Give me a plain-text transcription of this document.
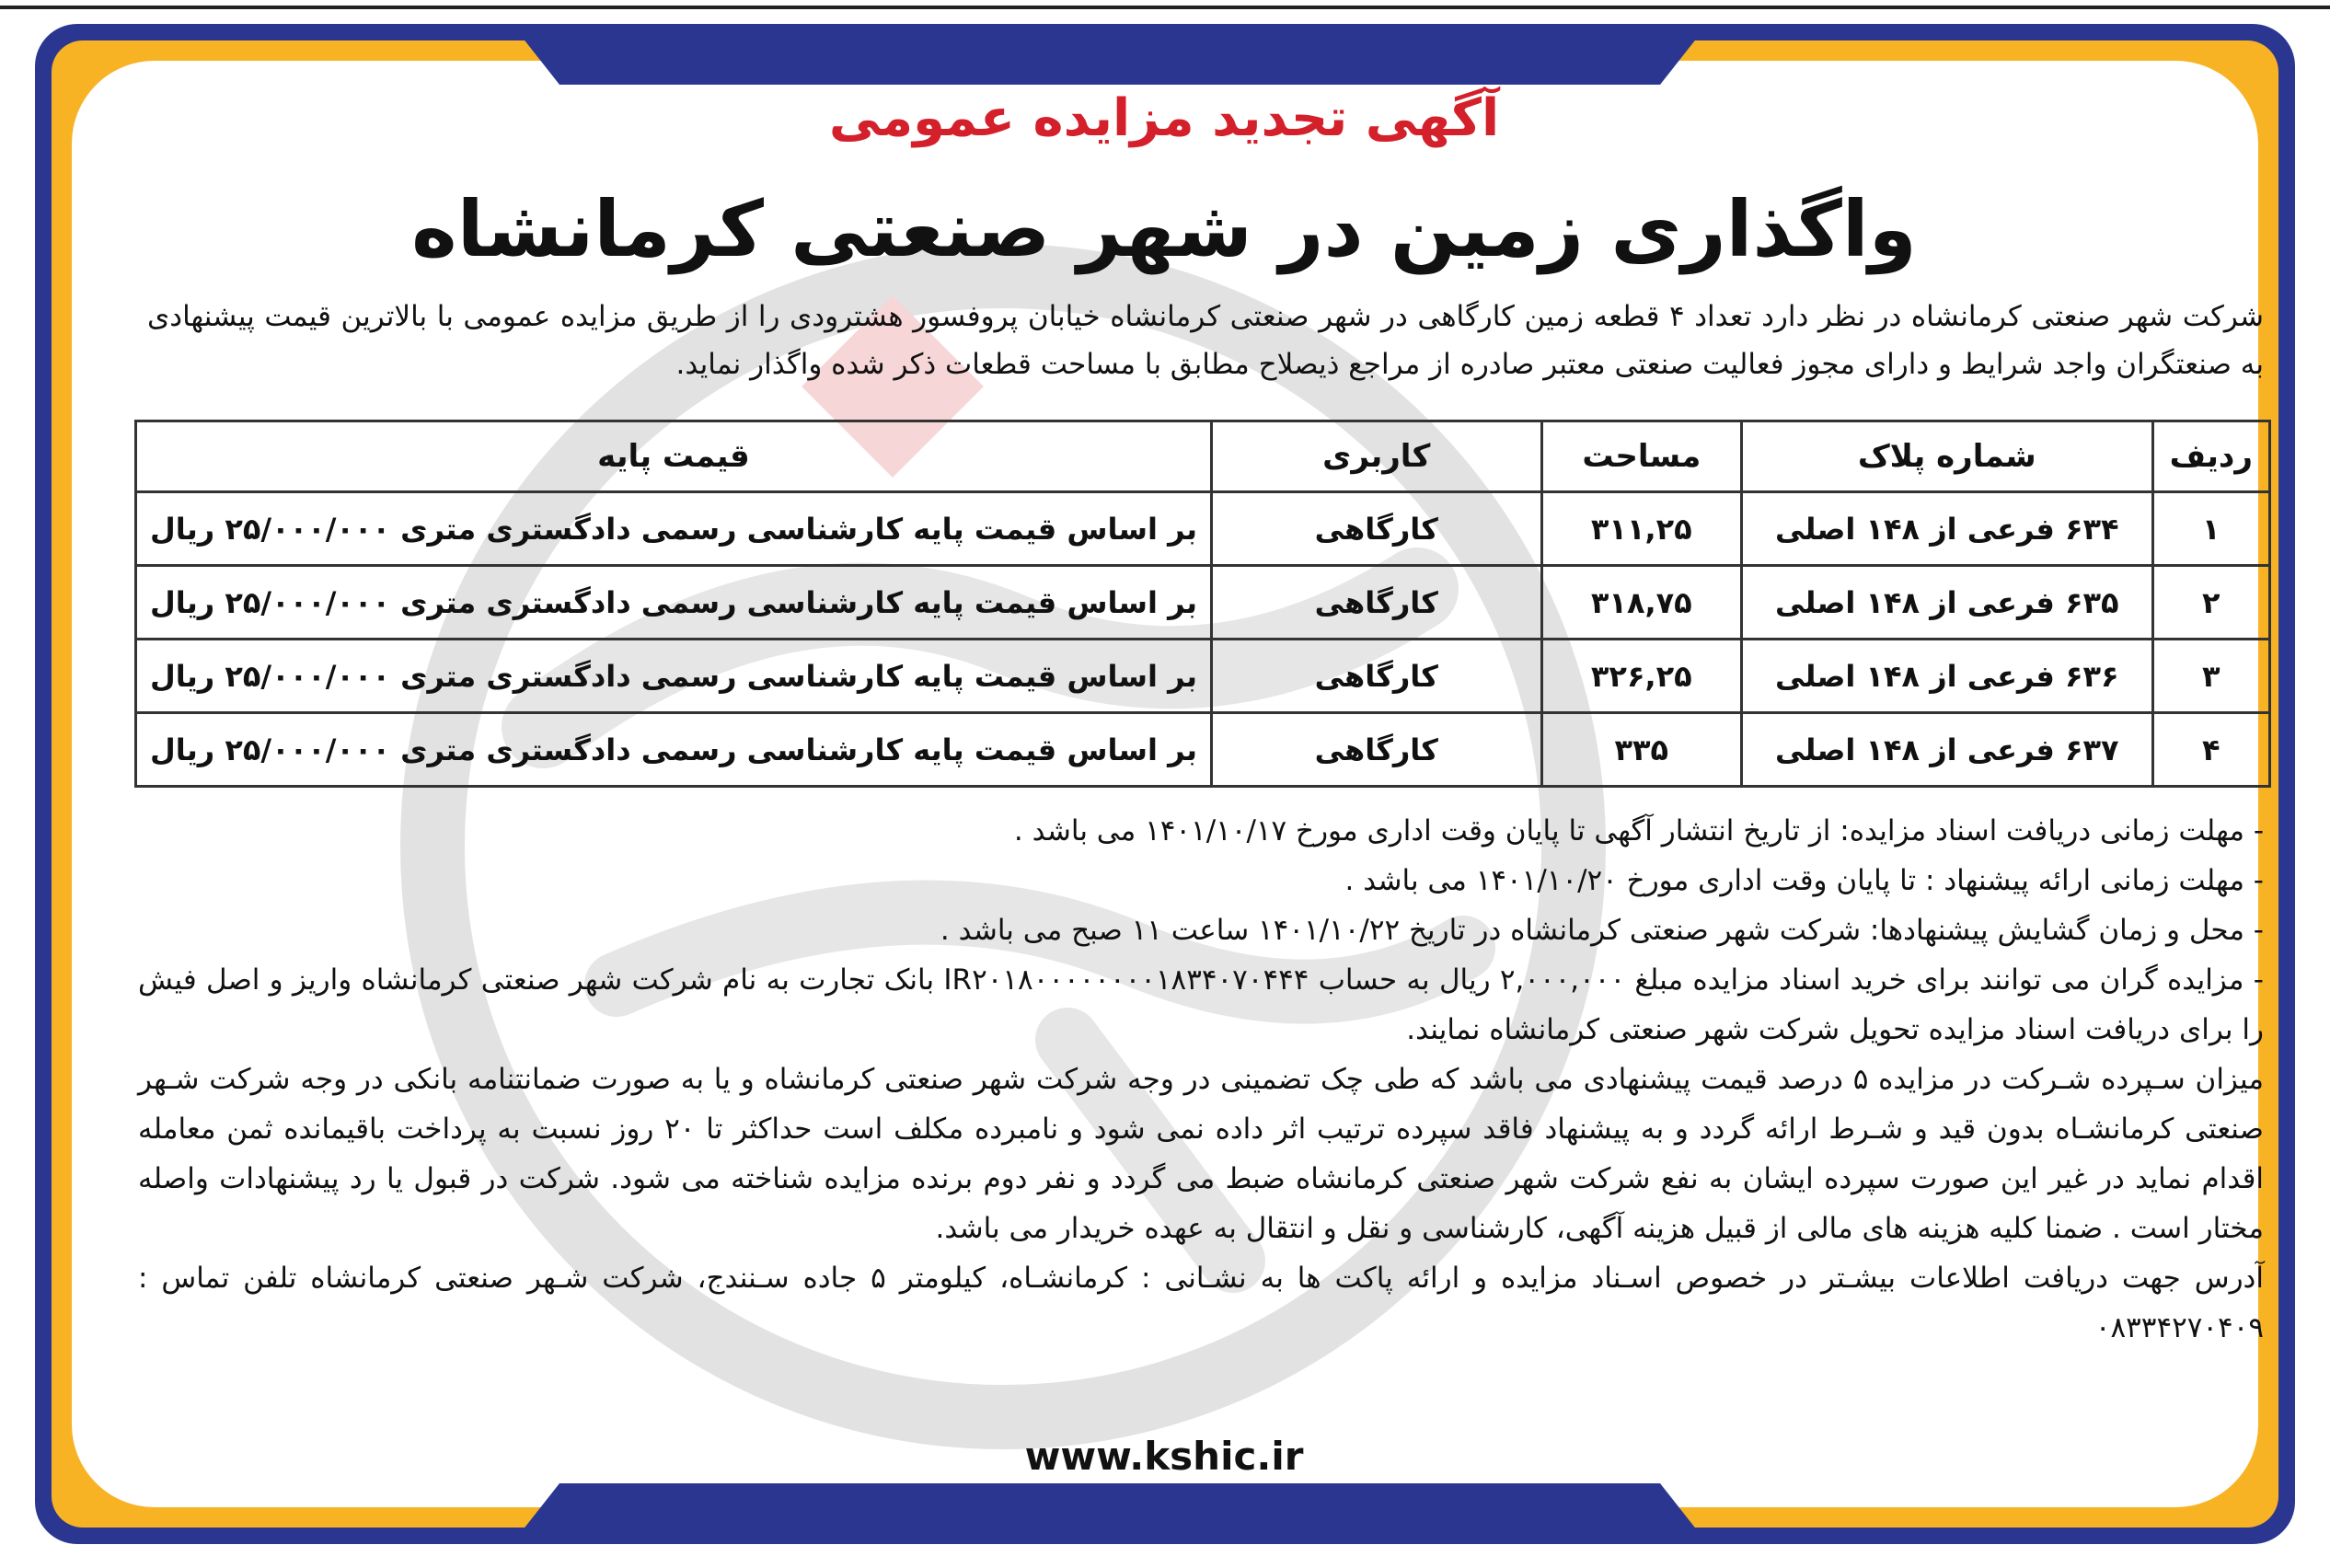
آگهی تجدید مزایده عمومی
واگذاری زمین در شهر صنعتی کرمانشاه
شرکت شهر صنعتی کرمانشاه در نظر دارد تعداد ۴ قطعه زمین کارگاهی در شهر صنعتی کرمانشاه خیابان پروفسور هشترودی را از طریق مزایده عمومی با بالاترین قیمت پیشنهادی به صنعتگران واجد شرایط و دارای مجوز فعالیت صنعتی معتبر صادره از مراجع ذیصلاح مطابق با مساحت قطعات ذکر شده واگذار نماید.
ردیف	شماره پلاک	مساحت	کاربری	قیمت پایه
۱	۶۳۴ فرعی از ۱۴۸ اصلی	۳۱۱,۲۵	کارگاهی	بر اساس قیمت پایه کارشناسی رسمی دادگستری متری ۲۵/۰۰۰/۰۰۰ ریال
۲	۶۳۵ فرعی از ۱۴۸ اصلی	۳۱۸,۷۵	کارگاهی	بر اساس قیمت پایه کارشناسی رسمی دادگستری متری ۲۵/۰۰۰/۰۰۰ ریال
۳	۶۳۶ فرعی از ۱۴۸ اصلی	۳۲۶,۲۵	کارگاهی	بر اساس قیمت پایه کارشناسی رسمی دادگستری متری ۲۵/۰۰۰/۰۰۰ ریال
۴	۶۳۷ فرعی از ۱۴۸ اصلی	۳۳۵	کارگاهی	بر اساس قیمت پایه کارشناسی رسمی دادگستری متری ۲۵/۰۰۰/۰۰۰ ریال

- مهلت زمانی دریافت اسناد مزایده: از تاریخ انتشار آگهی تا پایان وقت اداری مورخ ۱۴۰۱/۱۰/۱۷ می باشد .

- مهلت زمانی ارائه پیشنهاد : تا پایان وقت اداری مورخ ۱۴۰۱/۱۰/۲۰ می باشد .

- محل و زمان گشایش پیشنهادها: شرکت شهر صنعتی کرمانشاه در تاریخ ۱۴۰۱/۱۰/۲۲ ساعت ۱۱ صبح می باشد .

- مزایده گران می توانند برای خرید اسناد مزایده مبلغ ۲,۰۰۰,۰۰۰ ریال به حساب IR۲۰۱۸۰۰۰۰۰۰۰۰۱۸۳۴۰۷۰۴۴۴ بانک تجارت به نام شرکت شهر صنعتی کرمانشاه واریز و اصل فیش را برای دریافت اسناد مزایده تحویل شرکت شهر صنعتی کرمانشاه نمایند.

میزان سـپرده شـرکت در مزایده ۵ درصد قیمت پیشنهادی می باشد که طی چک تضمینی در وجه شرکت شهر صنعتی کرمانشاه و یا به صورت ضمانتنامه بانکی در وجه شرکت شـهر صنعتی کرمانشـاه بدون قید و شـرط ارائه گردد و به پیشنهاد فاقد سپرده ترتیب اثر داده نمی شود و نامبرده مکلف است حداکثر تا ۲۰ روز نسبت به پرداخت باقیمانده ثمن معامله اقدام نماید در غیر این صورت سپرده ایشان به نفع شرکت شهر صنعتی کرمانشاه ضبط می گردد و نفر دوم برنده مزایده شناخته می شود. شرکت در قبول یا رد پیشنهادات واصله مختار است . ضمنا کلیه هزینه های مالی از قبیل هزینه آگهی، کارشناسی و نقل و انتقال به عهده خریدار می باشد.

آدرس جهت دریافت اطلاعات بیشـتر در خصوص اسـناد مزایده و ارائه پاکت ها به نشـانی : کرمانشـاه، کیلومتر ۵ جاده سـنندج، شرکت شـهر صنعتی کرمانشاه تلفن تماس : ۰۸۳۳۴۲۷۰۴۰۹

www.kshic.ir
